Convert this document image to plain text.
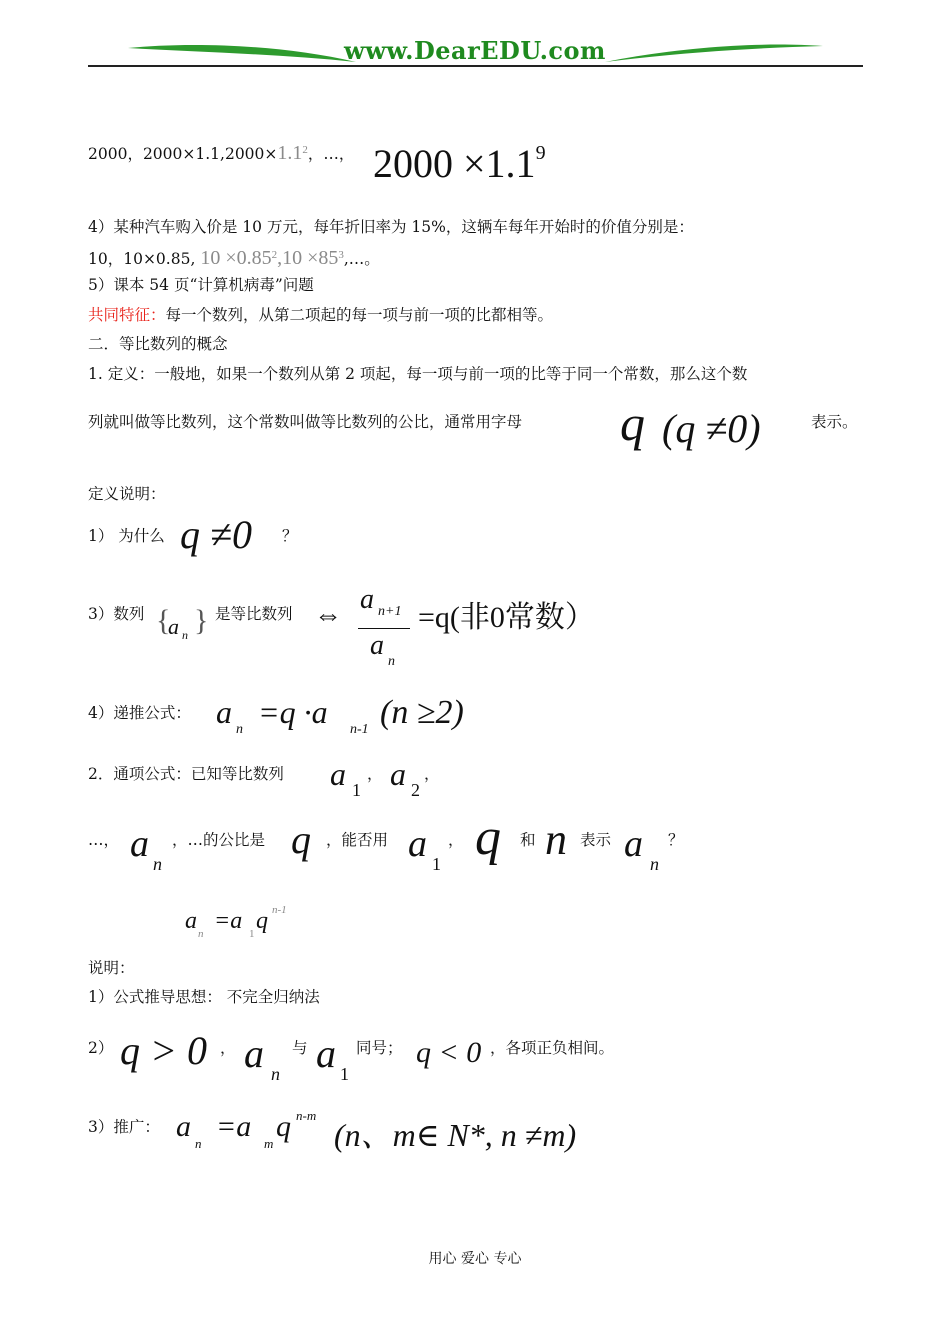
www.DearEDU.com
2000，$2000\times 1.1,2000\times 1.1^2$，…， $2000 \times 1.1^9$
4）某种汽车购入价是 10 万元，每年折旧率为 15%，这辆车每年开始时的价值分别是：
10，10×0.85, $10 \times 0.85^2,10$ $\times 85^3,\dots$。
5）课本 54 页“计算机病毒”问题
共同特征：每一个数列，从第二项起的每一项与前一项的比都相等。
二．等比数列的概念
1. 定义：一般地，如果一个数列从第 2 项起，每一项与前一项的比等于同一个常数，那么这个数
列就叫做等比数列，这个常数叫做等比数列的公比，通常用字母 q (q ≠0)	表示。
定义说明：
1） 为什么 q ≠0 ？
3）数列 {
a n } 是等比数列 ⇔
a n+1
a
n
=q(非0常数）
4）递推公式： a n =q ·a n-1 (n ≥2)
2．通项公式：已知等比数列 a 1
， a 2
，
…， a n
，…的公比是 q ，能否用 a 1
， q 和 n 表示 a n
？
a n =a 1 q n-1
说明：
1）公式推导思想： 不完全归纳法
2） q > 0 ， a n
与 a 1
同号； q < 0 ，各项正负相间。
3）推广： a
n
=a
m
q n-m
(n、m∈ N*, n ≠m)
用心 爱心 专心
